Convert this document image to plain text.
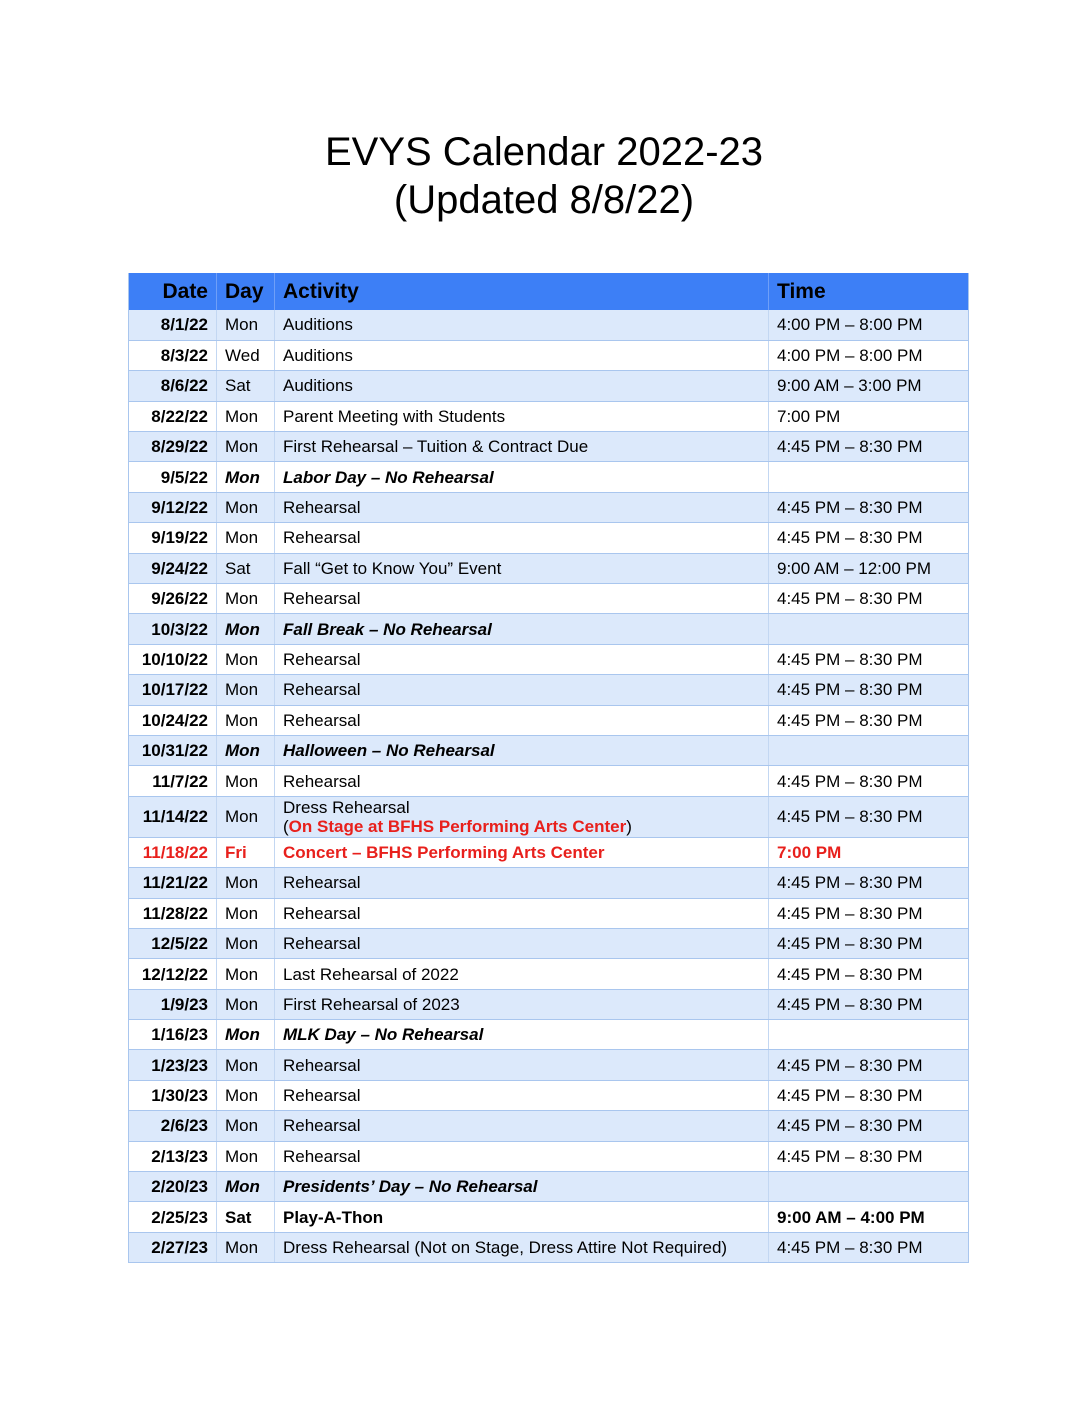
EVYS Calendar 2022-23
(Updated 8/8/22)
Date	Day	Activity	Time
8/1/22	Mon	Auditions	4:00 PM – 8:00 PM
8/3/22	Wed	Auditions	4:00 PM – 8:00 PM
8/6/22	Sat	Auditions	9:00 AM – 3:00 PM
8/22/22	Mon	Parent Meeting with Students	7:00 PM
8/29/22	Mon	First Rehearsal – Tuition & Contract Due	4:45 PM – 8:30 PM
9/5/22	Mon	Labor Day – No Rehearsal	
9/12/22	Mon	Rehearsal	4:45 PM – 8:30 PM
9/19/22	Mon	Rehearsal	4:45 PM – 8:30 PM
9/24/22	Sat	Fall “Get to Know You” Event	9:00 AM – 12:00 PM
9/26/22	Mon	Rehearsal	4:45 PM – 8:30 PM
10/3/22	Mon	Fall Break – No Rehearsal	
10/10/22	Mon	Rehearsal	4:45 PM – 8:30 PM
10/17/22	Mon	Rehearsal	4:45 PM – 8:30 PM
10/24/22	Mon	Rehearsal	4:45 PM – 8:30 PM
10/31/22	Mon	Halloween – No Rehearsal	
11/7/22	Mon	Rehearsal	4:45 PM – 8:30 PM
11/14/22	Mon	Dress Rehearsal
(On Stage at BFHS Performing Arts Center)	4:45 PM – 8:30 PM
11/18/22	Fri	Concert – BFHS Performing Arts Center	7:00 PM
11/21/22	Mon	Rehearsal	4:45 PM – 8:30 PM
11/28/22	Mon	Rehearsal	4:45 PM – 8:30 PM
12/5/22	Mon	Rehearsal	4:45 PM – 8:30 PM
12/12/22	Mon	Last Rehearsal of 2022	4:45 PM – 8:30 PM
1/9/23	Mon	First Rehearsal of 2023	4:45 PM – 8:30 PM
1/16/23	Mon	MLK Day – No Rehearsal	
1/23/23	Mon	Rehearsal	4:45 PM – 8:30 PM
1/30/23	Mon	Rehearsal	4:45 PM – 8:30 PM
2/6/23	Mon	Rehearsal	4:45 PM – 8:30 PM
2/13/23	Mon	Rehearsal	4:45 PM – 8:30 PM
2/20/23	Mon	Presidents’ Day – No Rehearsal	
2/25/23	Sat	Play-A-Thon	9:00 AM – 4:00 PM
2/27/23	Mon	Dress Rehearsal (Not on Stage, Dress Attire Not Required)	4:45 PM – 8:30 PM
